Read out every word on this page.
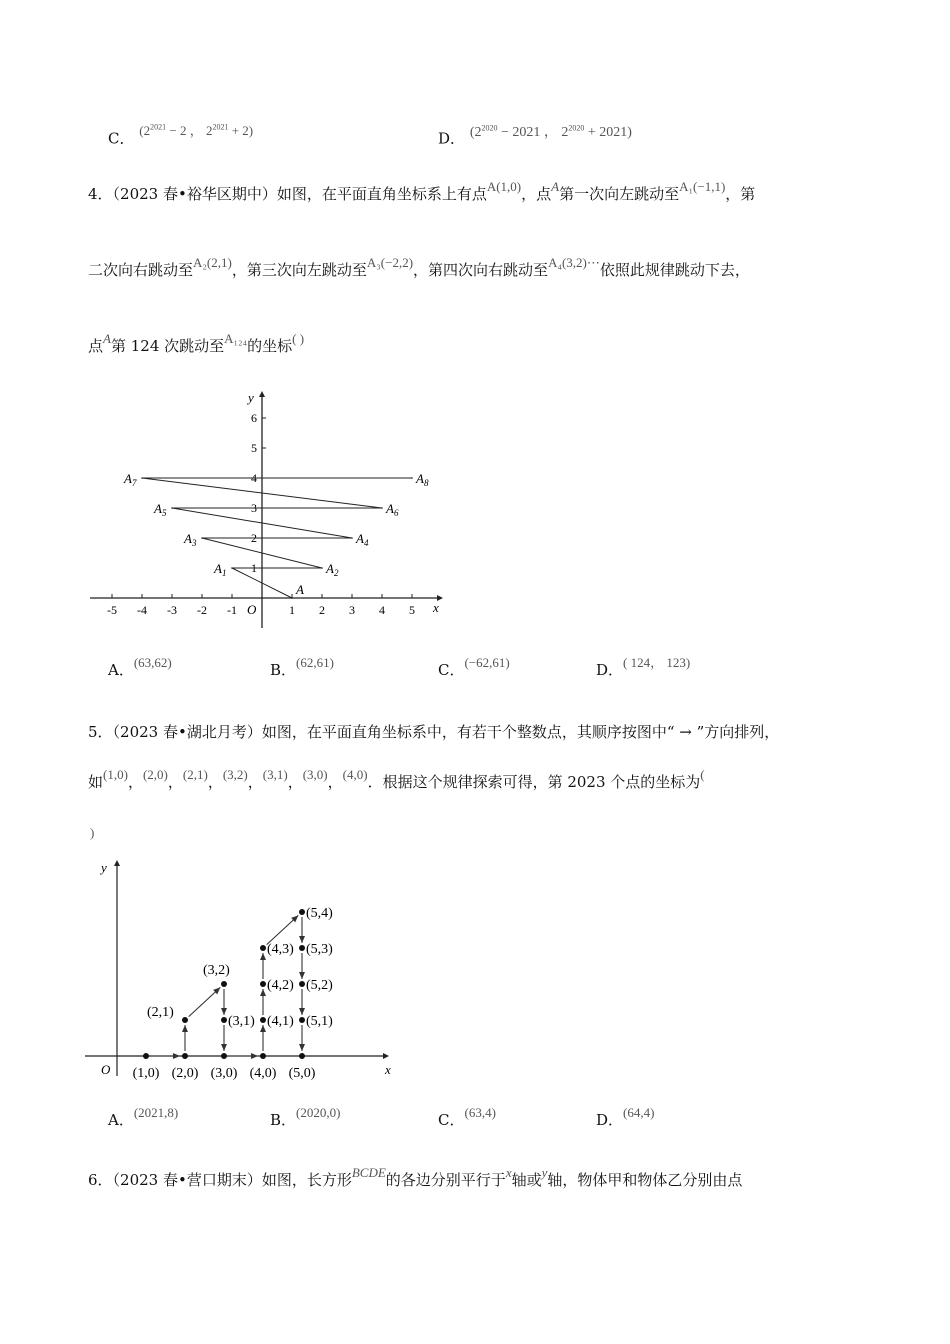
C． ($2^{2021} - 2$ ， $2^{2021} + 2$)	D． ($2^{2020} - 2021$ ， $2^{2020} + 2021$)
4．（2023 春•裕华区期中）如图，在平面直角坐标系上有点A(1,0)，点A第一次向左跳动至A₁(−1,1)，第
二次向右跳动至A₂(2,1)，第三次向左跳动至A₃(−2,2)，第四次向右跳动至A₄(3,2)⋯依照此规律跳动下去，
点A第 124 次跳动至A₁₂₄的坐标( )
x
y
O
-5 -4 -3 -2 -1	1 2 3 4 5
1
2
3
4
5
6
A
$A_1$	$A_2$
$A_3$	$A_4$
$A_5$	$A_6$
$A_7$	$A_8$
A．(63,62)	B．(62,61)	C．(−62,61)	D．( 124， 123)
5．（2023 春•湖北月考）如图，在平面直角坐标系中，有若干个整数点，其顺序按图中“ → ”方向排列，
如(1,0)，(2,0)，(2,1)，(3,2)，(3,1)，(3,0)，(4,0)．根据这个规律探索可得，第 2023 个点的坐标为(
)
x
y
O (1,0) (2,0)
(2,1)
(3,2)
(3,1)
(3,0) (4,0)
(4,1)
(4,2)
(4,3)
(5,4)
(5,3)
(5,2)
(5,1)
(5,0)
A．(2021,8)	B．(2020,0)	C．(63,4)	D．(64,4)
6．（2023 春•营口期末）如图，长方形BCDE的各边分别平行于x轴或y轴，物体甲和物体乙分别由点
